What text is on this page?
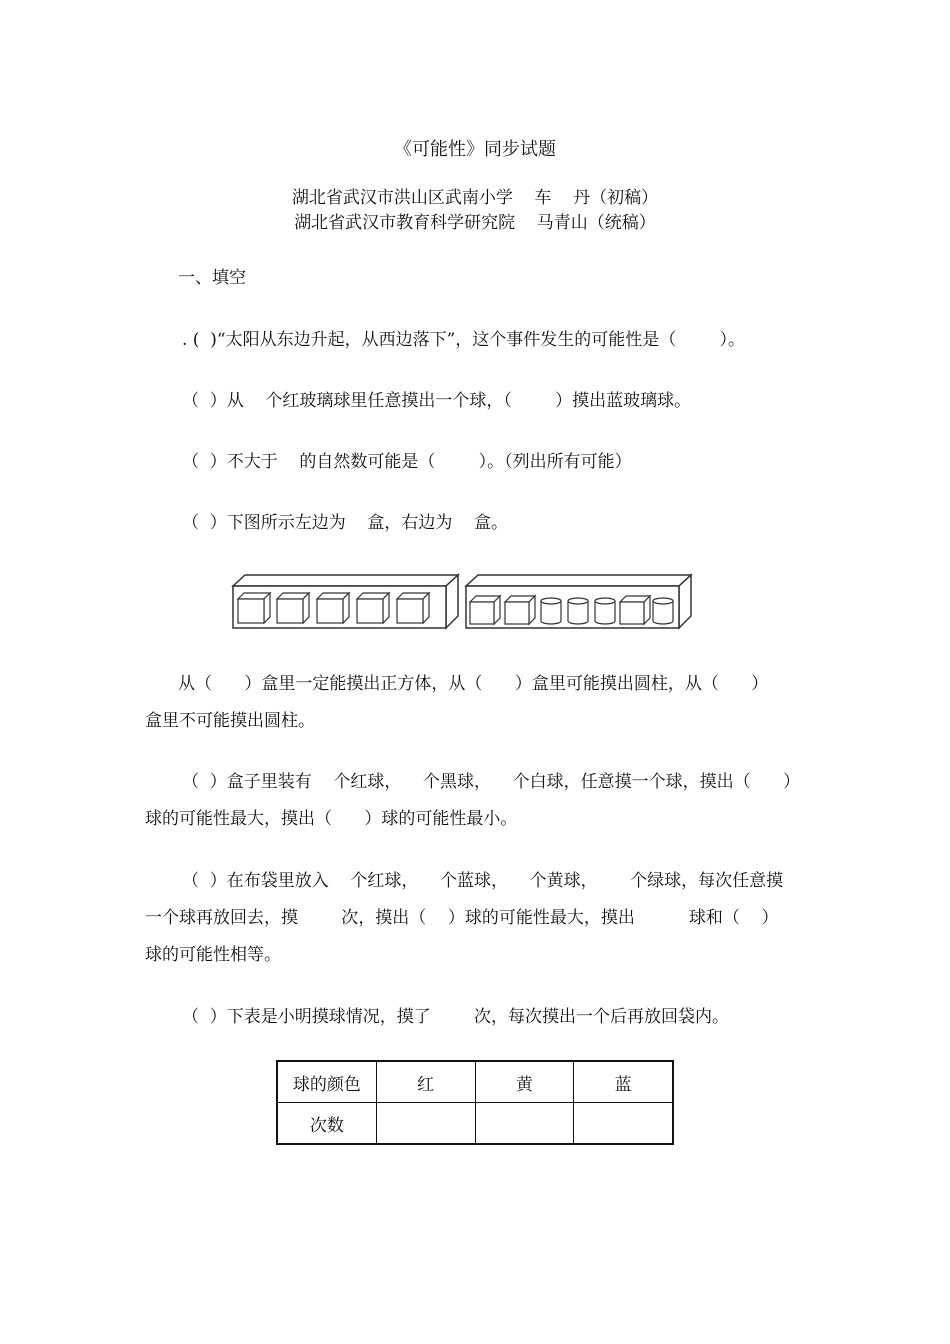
《可能性》同步试题
湖北省武汉市洪山区武南小学    车    丹（初稿）
湖北省武汉市教育科学研究院    马青山（统稿）
一、填空
. (  )“太阳从东边升起，从西边落下”，这个事件发生的可能性是（        ）。
（  ）从    个红玻璃球里任意摸出一个球，（        ）摸出蓝玻璃球。
（  ）不大于    的自然数可能是（        ）。（列出所有可能）
（  ）下图所示左边为    盒，右边为    盒。
从（      ）盒里一定能摸出正方体，从（      ）盒里可能摸出圆柱，从（      ）
盒里不可能摸出圆柱。
（  ）盒子里装有    个红球，    个黑球，    个白球，任意摸一个球，摸出（      ）
球的可能性最大，摸出（      ）球的可能性最小。
（  ）在布袋里放入    个红球，    个蓝球，    个黄球，      个绿球，每次任意摸
一个球再放回去，摸        次，摸出（    ）球的可能性最大，摸出          球和（    ）
球的可能性相等。
（  ）下表是小明摸球情况，摸了        次，每次摸出一个后再放回袋内。
球的颜色	红	黄	蓝
次数			
